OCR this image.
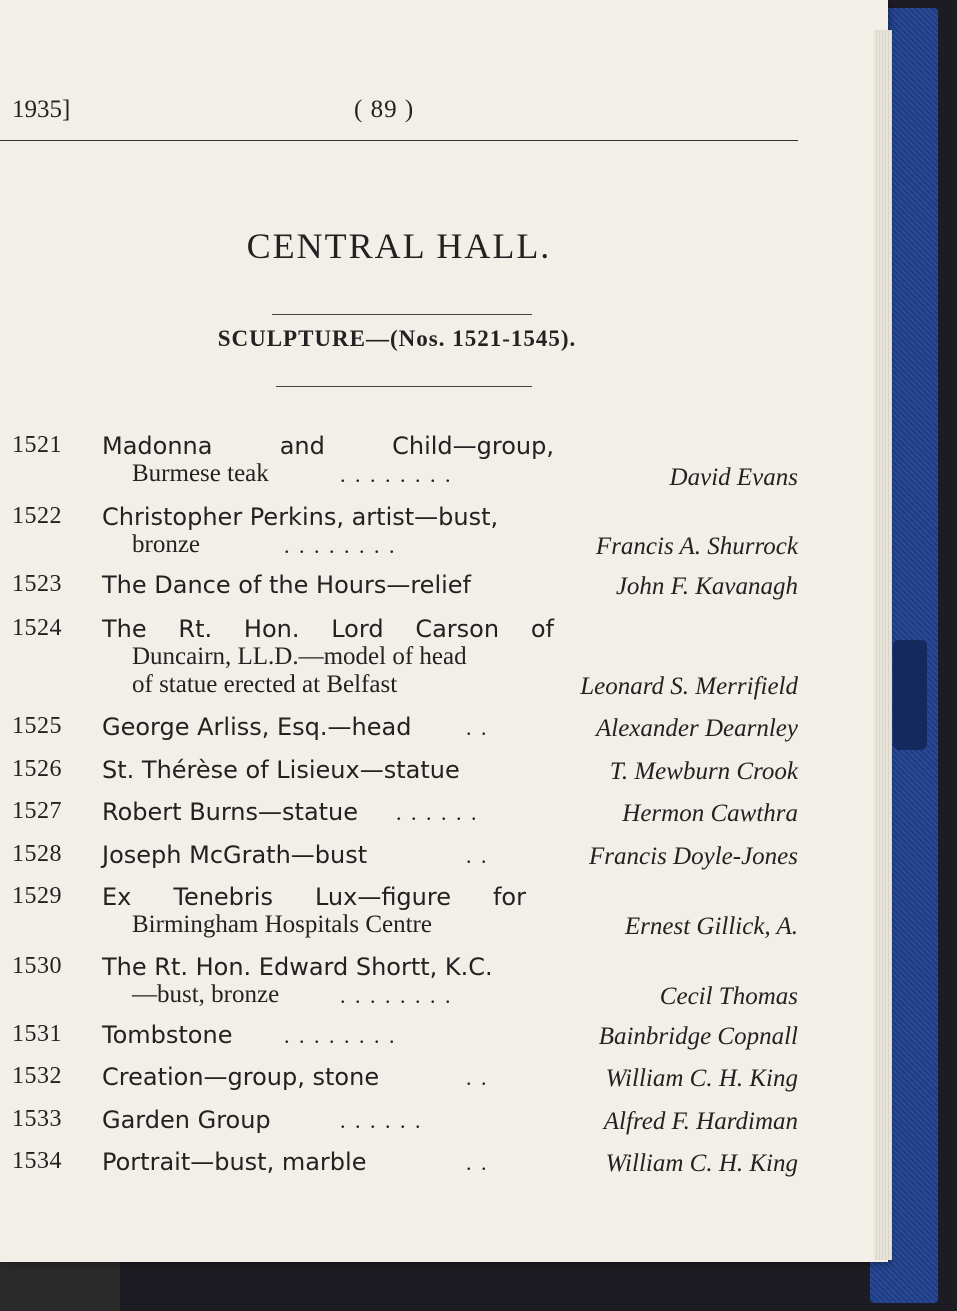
1935]	( 89 )
CENTRAL HALL.
SCULPTURE—(Nos. 1521-1545).
1521 Madonna	and	Child—group,
Burmese teak	. . . . . . . .	David Evans
1522 Christopher Perkins, artist—bust,
bronze	. . . . . . . .	Francis A. Shurrock
1523 The Dance of the Hours—relief	John F. Kavanagh
1524 The Rt. Hon. Lord Carson of
Duncairn, LL.D.—model of head
of statue erected at Belfast	Leonard S. Merrifield
1525 George Arliss, Esq.—head . .	Alexander Dearnley
1526 St. Thérèse of Lisieux—statue	T. Mewburn Crook
1527 Robert Burns—statue . . . . . .	Hermon Cawthra
1528 Joseph McGrath—bust	. .	Francis Doyle-Jones
1529 Ex Tenebris Lux—figure for
Birmingham Hospitals Centre	Ernest Gillick, A.
1530 The Rt. Hon. Edward Shortt, K.C.
—bust, bronze	. . . . . . . .	Cecil Thomas
1531 Tombstone . . . . . . . .	Bainbridge Copnall
1532 Creation—group, stone	. .	William C. H. King
1533 Garden Group	. . . . . .	Alfred F. Hardiman
1534 Portrait—bust, marble	. .	William C. H. King
